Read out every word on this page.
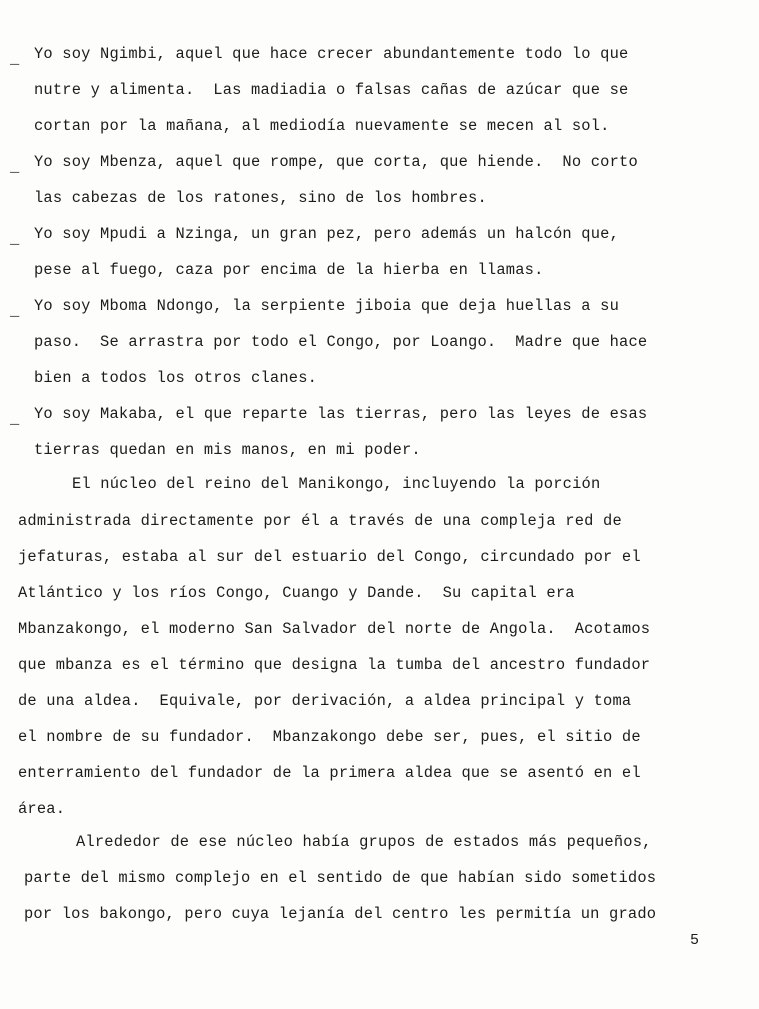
_ Yo soy Ngimbi, aquel que hace crecer abundantemente todo lo que
nutre y alimenta.  Las madiadia o falsas cañas de azúcar que se
cortan por la mañana, al mediodía nuevamente se mecen al sol.
_ Yo soy Mbenza, aquel que rompe, que corta, que hiende.  No corto
las cabezas de los ratones, sino de los hombres.
_ Yo soy Mpudi a Nzinga, un gran pez, pero además un halcón que,
pese al fuego, caza por encima de la hierba en llamas.
_ Yo soy Mboma Ndongo, la serpiente jiboia que deja huellas a su
paso.  Se arrastra por todo el Congo, por Loango.  Madre que hace
bien a todos los otros clanes.
_ Yo soy Makaba, el que reparte las tierras, pero las leyes de esas
tierras quedan en mis manos, en mi poder.
El núcleo del reino del Manikongo, incluyendo la porción
administrada directamente por él a través de una compleja red de
jefaturas, estaba al sur del estuario del Congo, circundado por el
Atlántico y los ríos Congo, Cuango y Dande.  Su capital era
Mbanzakongo, el moderno San Salvador del norte de Angola.  Acotamos
que mbanza es el término que designa la tumba del ancestro fundador
de una aldea.  Equivale, por derivación, a aldea principal y toma
el nombre de su fundador.  Mbanzakongo debe ser, pues, el sitio de
enterramiento del fundador de la primera aldea que se asentó en el
área.
Alrededor de ese núcleo había grupos de estados más pequeños,
parte del mismo complejo en el sentido de que habían sido sometidos
por los bakongo, pero cuya lejanía del centro les permitía un grado
5
